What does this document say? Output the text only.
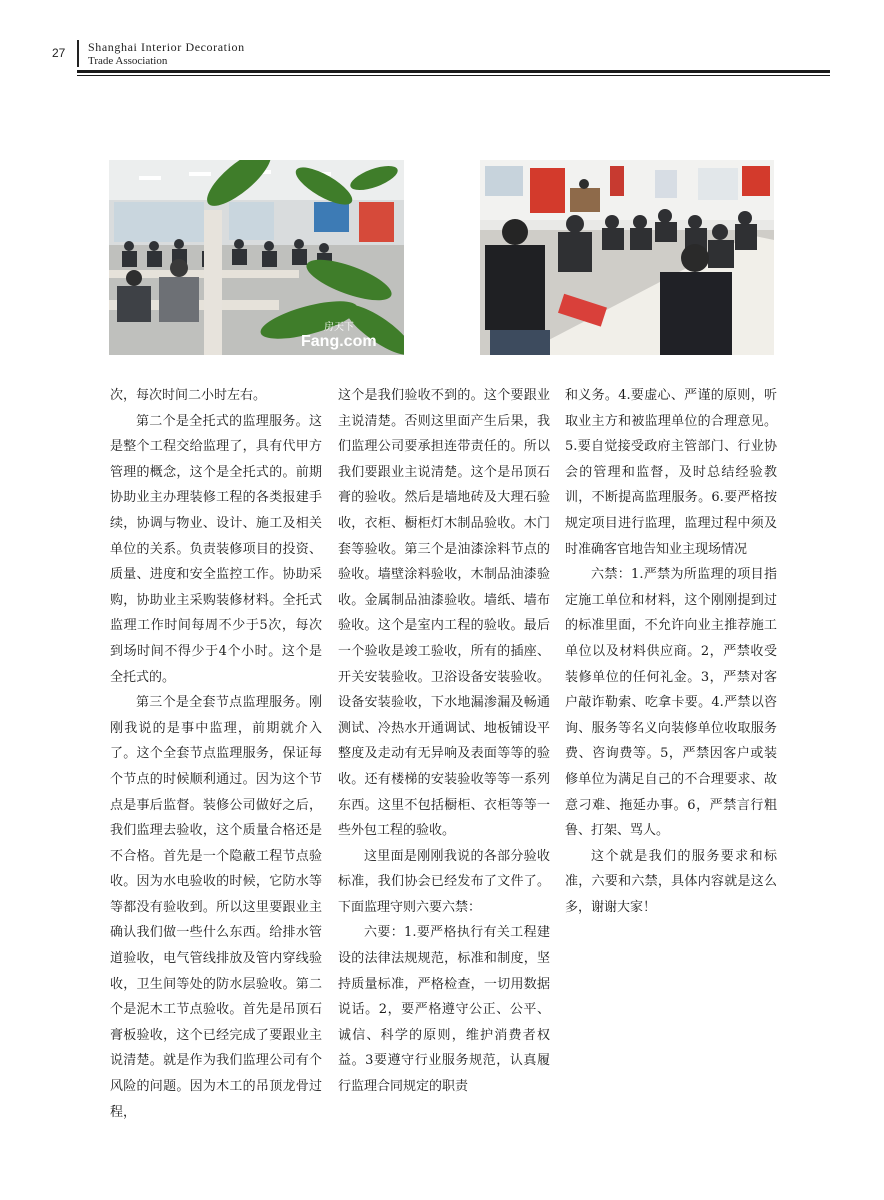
27 Shanghai Interior Decoration
Trade Association
房天下
Fang.com

次，每次时间二小时左右。

第二个是全托式的监理服务。这是整个工程交给监理了，具有代甲方管理的概念，这个是全托式的。前期协助业主办理装修工程的各类报建手续，协调与物业、设计、施工及相关单位的关系。负责装修项目的投资、质量、进度和安全监控工作。协助采购，协助业主采购装修材料。全托式监理工作时间每周不少于5次，每次到场时间不得少于4个小时。这个是全托式的。

第三个是全套节点监理服务。刚刚我说的是事中监理，前期就介入了。这个全套节点监理服务，保证每个节点的时候顺利通过。因为这个节点是事后监督。装修公司做好之后，我们监理去验收，这个质量合格还是不合格。首先是一个隐蔽工程节点验收。因为水电验收的时候，它防水等等都没有验收到。所以这里要跟业主确认我们做一些什么东西。给排水管道验收，电气管线排放及管内穿线验收，卫生间等处的防水层验收。第二个是泥木工节点验收。首先是吊顶石膏板验收，这个已经完成了要跟业主说清楚。就是作为我们监理公司有个风险的问题。因为木工的吊顶龙骨过程，

这个是我们验收不到的。这个要跟业主说清楚。否则这里面产生后果，我们监理公司要承担连带责任的。所以我们要跟业主说清楚。这个是吊顶石膏的验收。然后是墙地砖及大理石验收，衣柜、橱柜灯木制品验收。木门套等验收。第三个是油漆涂料节点的验收。墙壁涂料验收，木制品油漆验收。金属制品油漆验收。墙纸、墙布验收。这个是室内工程的验收。最后一个验收是竣工验收，所有的插座、开关安装验收。卫浴设备安装验收。设备安装验收，下水地漏渗漏及畅通测试、冷热水开通调试、地板铺设平整度及走动有无异响及表面等等的验收。还有楼梯的安装验收等等一系列东西。这里不包括橱柜、衣柜等等一些外包工程的验收。

这里面是刚刚我说的各部分验收标准，我们协会已经发布了文件了。下面监理守则六要六禁：

六要：1.要严格执行有关工程建设的法律法规规范，标准和制度，坚持质量标准，严格检查，一切用数据说话。2，要严格遵守公正、公平、诚信、科学的原则，维护消费者权益。3要遵守行业服务规范，认真履行监理合同规定的职责

和义务。4.要虚心、严谨的原则，听取业主方和被监理单位的合理意见。5.要自觉接受政府主管部门、行业协会的管理和监督，及时总结经验教训，不断提高监理服务。6.要严格按规定项目进行监理，监理过程中须及时准确客官地告知业主现场情况

六禁：1.严禁为所监理的项目指定施工单位和材料，这个刚刚提到过的标准里面，不允许向业主推荐施工单位以及材料供应商。2，严禁收受装修单位的任何礼金。3，严禁对客户敲诈勒索、吃拿卡要。4.严禁以咨询、服务等名义向装修单位收取服务费、咨询费等。5，严禁因客户或装修单位为满足自己的不合理要求、故意刁难、拖延办事。6，严禁言行粗鲁、打架、骂人。

这个就是我们的服务要求和标准，六要和六禁，具体内容就是这么多，谢谢大家！
